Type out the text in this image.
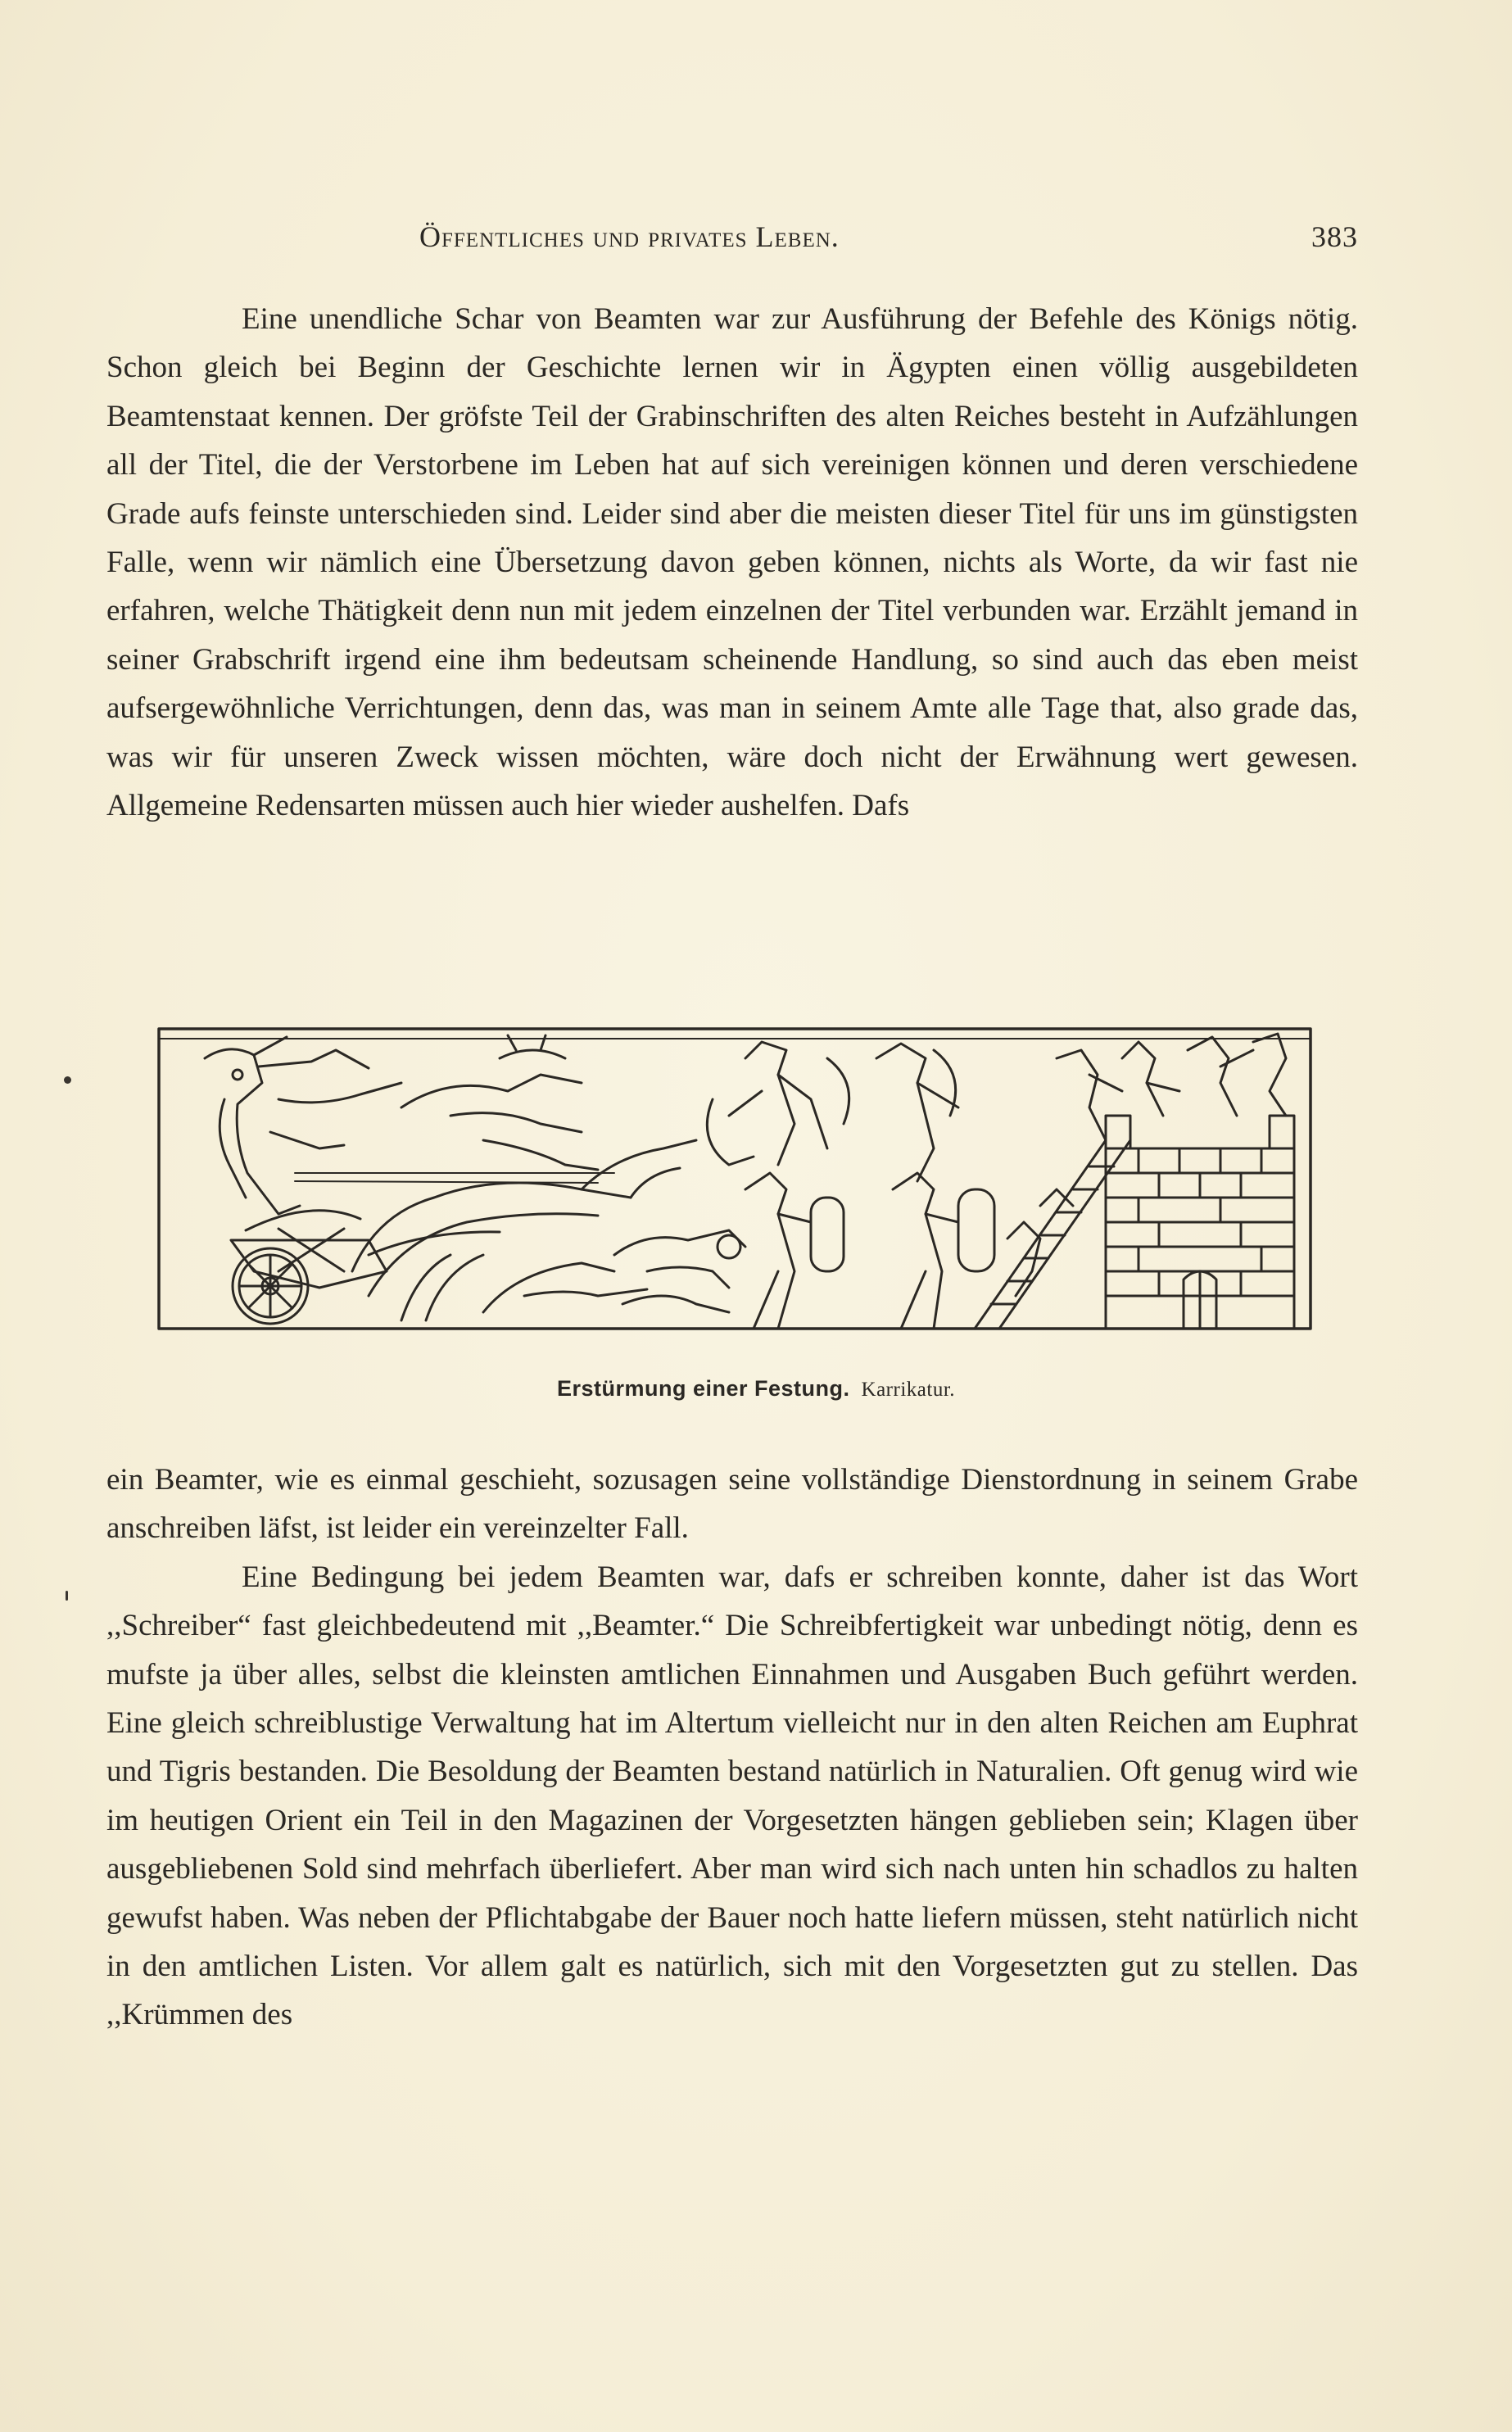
Öffentliches und privates Leben.	383

Eine unendliche Schar von Beamten war zur Ausführung der Befehle des Königs nötig. Schon gleich bei Beginn der Geschichte lernen wir in Ägypten einen völlig ausgebildeten Beamtenstaat kennen. Der gröfste Teil der Grabinschriften des alten Reiches besteht in Aufzählungen all der Titel, die der Verstorbene im Leben hat auf sich vereinigen können und deren verschiedene Grade aufs feinste unterschieden sind. Leider sind aber die meisten dieser Titel für uns im günstigsten Falle, wenn wir nämlich eine Übersetzung davon geben können, nichts als Worte, da wir fast nie erfahren, welche Thätigkeit denn nun mit jedem einzelnen der Titel verbunden war. Erzählt jemand in seiner Grabschrift irgend eine ihm bedeutsam scheinende Handlung, so sind auch das eben meist aufsergewöhnliche Verrichtungen, denn das, was man in seinem Amte alle Tage that, also grade das, was wir für unseren Zweck wissen möchten, wäre doch nicht der Erwähnung wert gewesen. Allgemeine Redensarten müssen auch hier wieder aushelfen. Dafs

Erstürmung einer Festung. Karrikatur.

ein Beamter, wie es einmal geschieht, sozusagen seine vollständige Dienstordnung in seinem Grabe anschreiben läfst, ist leider ein vereinzelter Fall.

Eine Bedingung bei jedem Beamten war, dafs er schreiben konnte, daher ist das Wort ,,Schreiber“ fast gleichbedeutend mit ,,Beamter.“ Die Schreibfertigkeit war unbedingt nötig, denn es mufste ja über alles, selbst die kleinsten amtlichen Einnahmen und Ausgaben Buch geführt werden. Eine gleich schreiblustige Verwaltung hat im Altertum vielleicht nur in den alten Reichen am Euphrat und Tigris bestanden. Die Besoldung der Beamten bestand natürlich in Naturalien. Oft genug wird wie im heutigen Orient ein Teil in den Magazinen der Vorgesetzten hängen geblieben sein; Klagen über ausgebliebenen Sold sind mehrfach überliefert. Aber man wird sich nach unten hin schadlos zu halten gewufst haben. Was neben der Pflichtabgabe der Bauer noch hatte liefern müssen, steht natürlich nicht in den amtlichen Listen. Vor allem galt es natürlich, sich mit den Vorgesetzten gut zu stellen. Das ,,Krümmen des
